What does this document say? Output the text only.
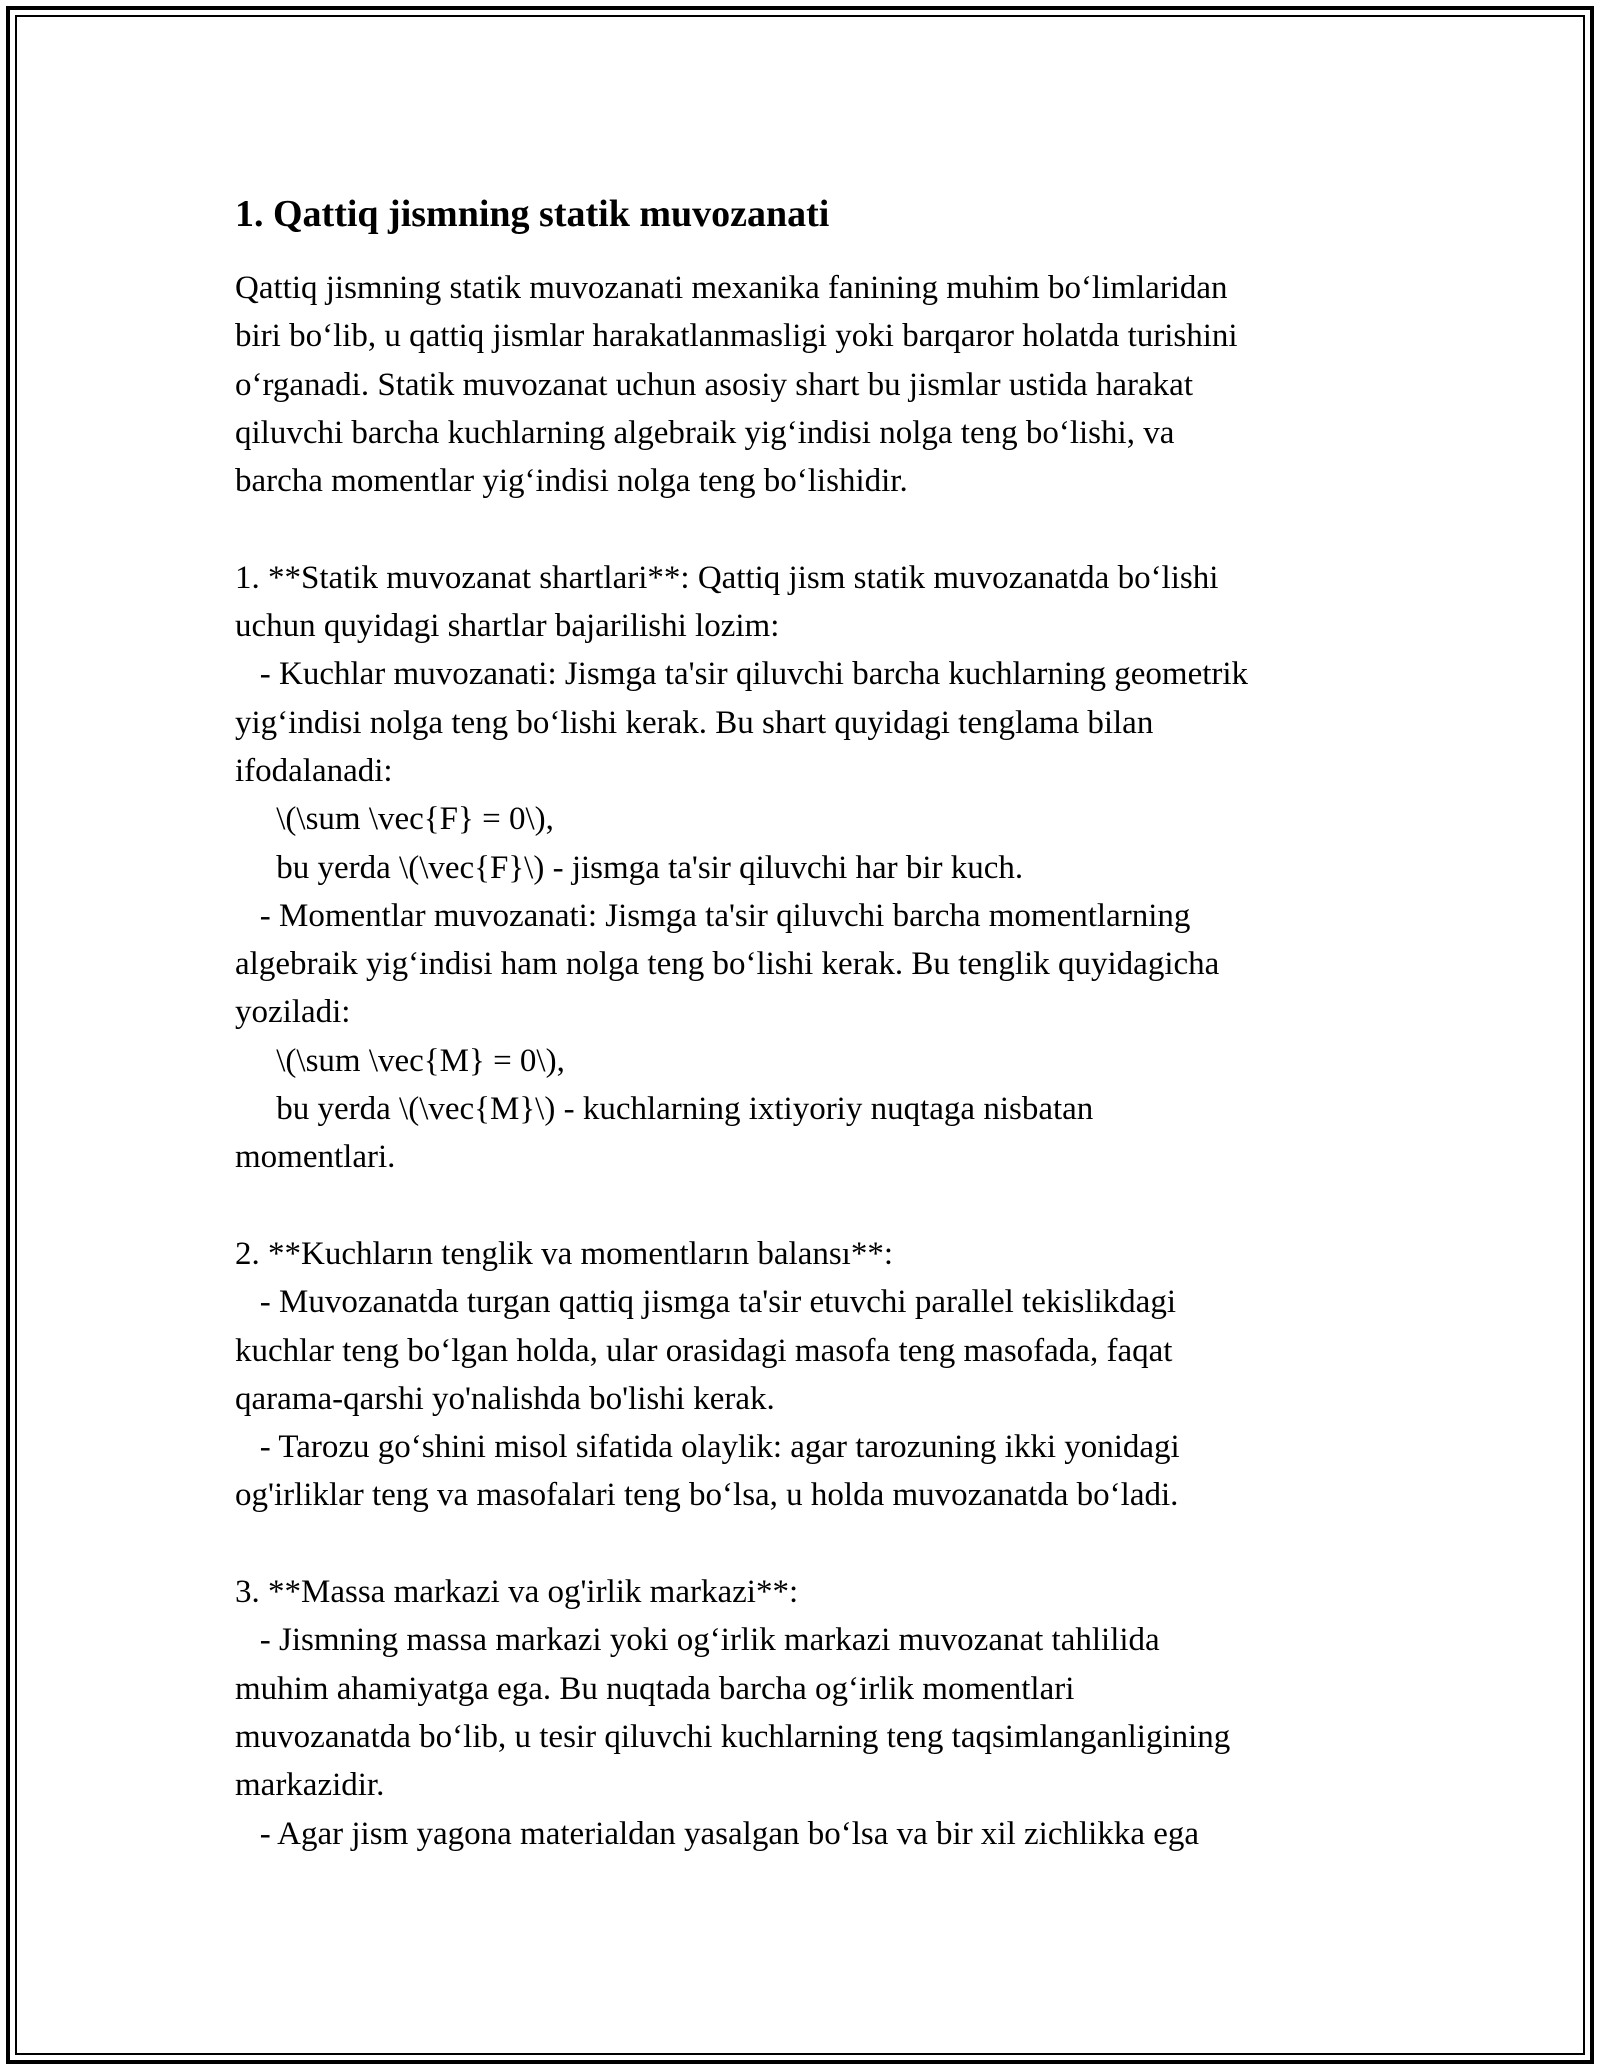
1. Qattiq jismning statik muvozanati
Qattiq jismning statik muvozanati mexanika fanining muhim boʻlimlaridan
biri boʻlib, u qattiq jismlar harakatlanmasligi yoki barqaror holatda turishini
oʻrganadi. Statik muvozanat uchun asosiy shart bu jismlar ustida harakat
qiluvchi barcha kuchlarning algebraik yigʻindisi nolga teng boʻlishi, va
barcha momentlar yigʻindisi nolga teng boʻlishidir.
1. **Statik muvozanat shartlari**: Qattiq jism statik muvozanatda boʻlishi
uchun quyidagi shartlar bajarilishi lozim:
- Kuchlar muvozanati: Jismga ta'sir qiluvchi barcha kuchlarning geometrik
yigʻindisi nolga teng boʻlishi kerak. Bu shart quyidagi tenglama bilan
ifodalanadi:
\(\sum \vec{F} = 0\),
bu yerda \(\vec{F}\) - jismga ta'sir qiluvchi har bir kuch.
- Momentlar muvozanati: Jismga ta'sir qiluvchi barcha momentlarning
algebraik yigʻindisi ham nolga teng boʻlishi kerak. Bu tenglik quyidagicha
yoziladi:
\(\sum \vec{M} = 0\),
bu yerda \(\vec{M}\) - kuchlarning ixtiyoriy nuqtaga nisbatan
momentlari.
2. **Kuchların tenglik va momentların balansı**:
- Muvozanatda turgan qattiq jismga ta'sir etuvchi parallel tekislikdagi
kuchlar teng boʻlgan holda, ular orasidagi masofa teng masofada, faqat
qarama-qarshi yo'nalishda bo'lishi kerak.
- Tarozu goʻshini misol sifatida olaylik: agar tarozuning ikki yonidagi
og'irliklar teng va masofalari teng boʻlsa, u holda muvozanatda boʻladi.
3. **Massa markazi va og'irlik markazi**:
- Jismning massa markazi yoki ogʻirlik markazi muvozanat tahlilida
muhim ahamiyatga ega. Bu nuqtada barcha ogʻirlik momentlari
muvozanatda boʻlib, u tesir qiluvchi kuchlarning teng taqsimlanganligining
markazidir.
- Agar jism yagona materialdan yasalgan boʻlsa va bir xil zichlikka ega
